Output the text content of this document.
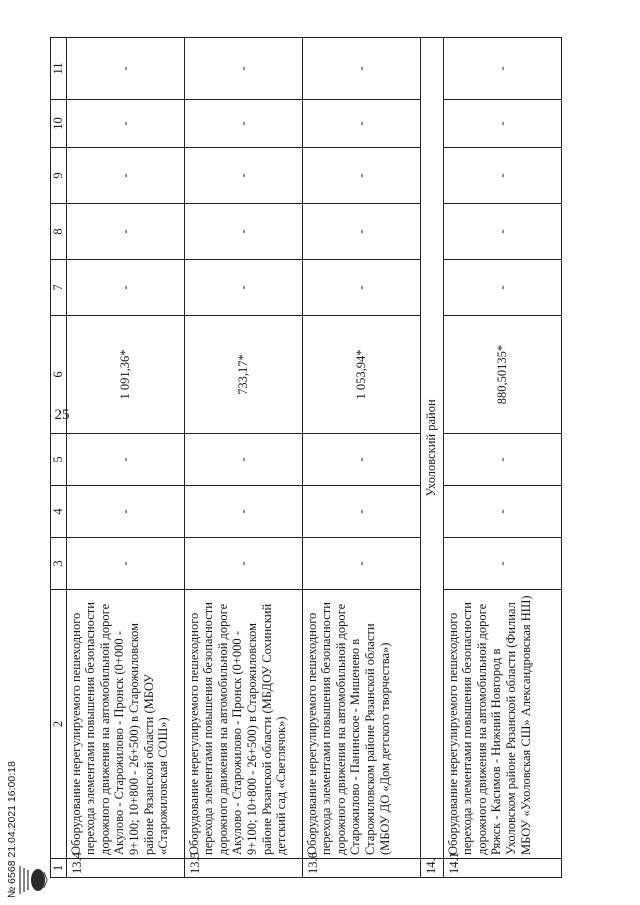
25
1	2	3	4	5	6	7	8	9	10	11
13.4	Оборудование нерегулируемого пешеходного перехода элементами повышения безопасности дорожного движения на автомобильной дороге Акулово - Старожилово - Пронск (0+000 - 9+100; 10+800 - 26+500) в Старожиловском районе Рязанской области (МБОУ «Старожиловская СОШ»)	-	-	-	1 091,36*	-	-	-	-	-
13.5	Оборудование нерегулируемого пешеходного перехода элементами повышения безопасности дорожного движения на автомобильной дороге Акулово - Старожилово - Пронск (0+000 - 9+100; 10+800 - 26+500) в Старожиловском районе Рязанской области (МБДОУ Сохинский детский сад «Светлячок»)	-	-	-	733,17*	-	-	-	-	-
13.6	Оборудование нерегулируемого пешеходного перехода элементами повышения безопасности дорожного движения на автомобильной дороге Старожилово - Панинское - Мишенево в Старожиловском районе Рязанской области (МБОУ ДО «Дом детского творчества»)	-	-	-	1 053,94*	-	-	-	-	-
14.	Ухоловский район									
14.1	Оборудование нерегулируемого пешеходного перехода элементами повышения безопасности дорожного движения на автомобильной дороге Ряжск - Касимов - Нижний Новгород в Ухоловском районе Рязанской области (Филиал МБОУ «Ухоловская СШ» Александровская НШ)	-	-	-	880,50135*	-	-	-	-	-
№ 6568 21.04.2021 16:00:18
